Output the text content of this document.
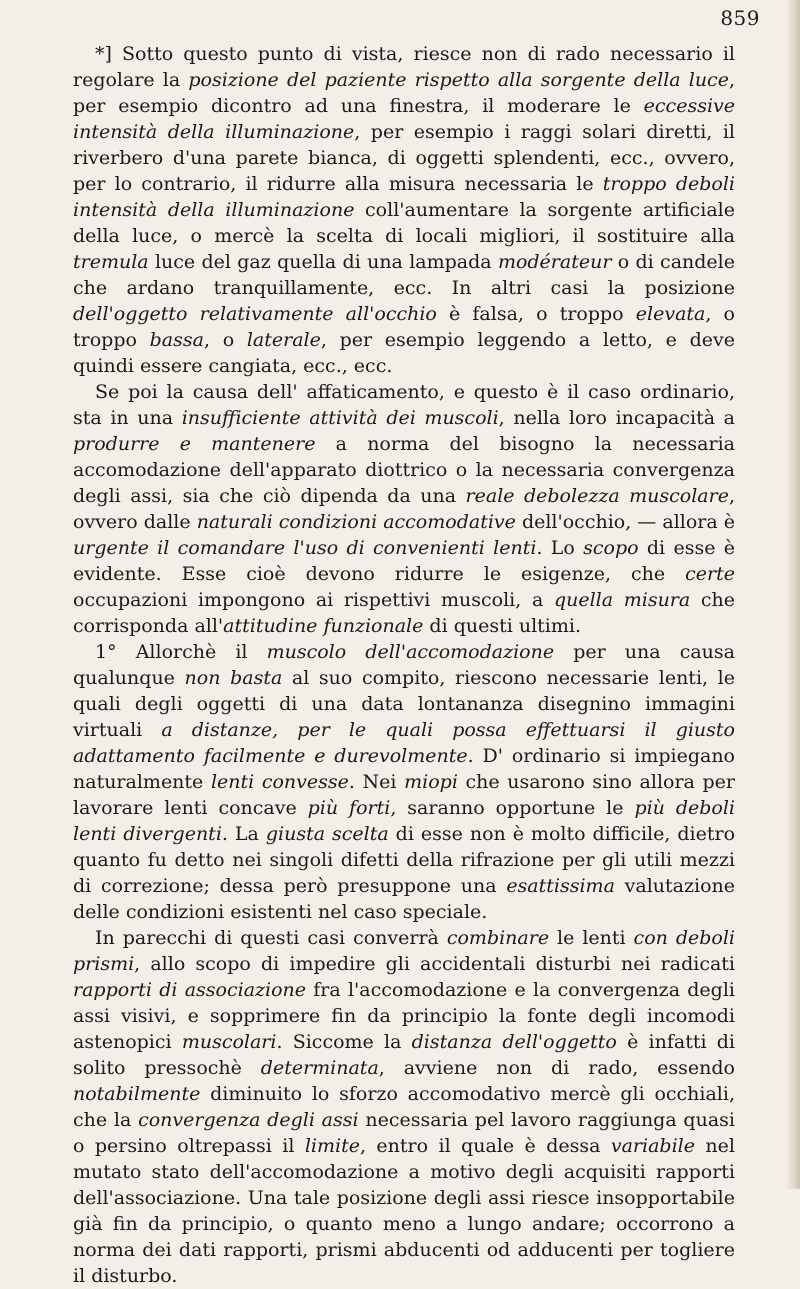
859

*] Sotto questo punto di vista, riesce non di rado necessario il regolare la posizione del paziente rispetto alla sorgente della luce, per esempio dicontro ad una finestra, il moderare le eccessive intensità della illuminazione, per esempio i raggi solari diretti, il riverbero d'una parete bianca, di oggetti splendenti, ecc., ovvero, per lo contrario, il ridurre alla misura necessaria le troppo deboli intensità della illuminazione coll'aumentare la sorgente artificiale della luce, o mercè la scelta di locali migliori, il sostituire alla tremula luce del gaz quella di una lampada modérateur o di candele che ardano tranquillamente, ecc. In altri casi la posizione dell'oggetto relativamente all'occhio è falsa, o troppo elevata, o troppo bassa, o laterale, per esempio leggendo a letto, e deve quindi essere cangiata, ecc., ecc.

Se poi la causa dell' affaticamento, e questo è il caso ordinario, sta in una insufficiente attività dei muscoli, nella loro incapacità a produrre e mantenere a norma del bisogno la necessaria accomodazione dell'apparato diottrico o la necessaria convergenza degli assi, sia che ciò dipenda da una reale debolezza muscolare, ovvero dalle naturali condizioni accomodative dell'occhio, — allora è urgente il comandare l'uso di convenienti lenti. Lo scopo di esse è evidente. Esse cioè devono ridurre le esigenze, che certe occupazioni impongono ai rispettivi muscoli, a quella misura che corrisponda all'attitudine funzionale di questi ultimi.

1° Allorchè il muscolo dell'accomodazione per una causa qualunque non basta al suo compito, riescono necessarie lenti, le quali degli oggetti di una data lontananza disegnino immagini virtuali a distanze, per le quali possa effettuarsi il giusto adattamento facilmente e durevolmente. D' ordinario si impiegano naturalmente lenti convesse. Nei miopi che usarono sino allora per lavorare lenti concave più forti, saranno opportune le più deboli lenti divergenti. La giusta scelta di esse non è molto difficile, dietro quanto fu detto nei singoli difetti della rifrazione per gli utili mezzi di correzione; dessa però presuppone una esattissima valutazione delle condizioni esistenti nel caso speciale.

In parecchi di questi casi converrà combinare le lenti con deboli prismi, allo scopo di impedire gli accidentali disturbi nei radicati rapporti di associazione fra l'accomodazione e la convergenza degli assi visivi, e sopprimere fin da principio la fonte degli incomodi astenopici muscolari. Siccome la distanza dell'oggetto è infatti di solito pressochè determinata, avviene non di rado, essendo notabilmente diminuito lo sforzo accomodativo mercè gli occhiali, che la convergenza degli assi necessaria pel lavoro raggiunga quasi o persino oltrepassi il limite, entro il quale è dessa variabile nel mutato stato dell'accomodazione a motivo degli acquisiti rapporti dell'associazione. Una tale posizione degli assi riesce insopportabile già fin da principio, o quanto meno a lungo andare; occorrono a norma dei dati rapporti, prismi abducenti od adducenti per togliere il disturbo.
